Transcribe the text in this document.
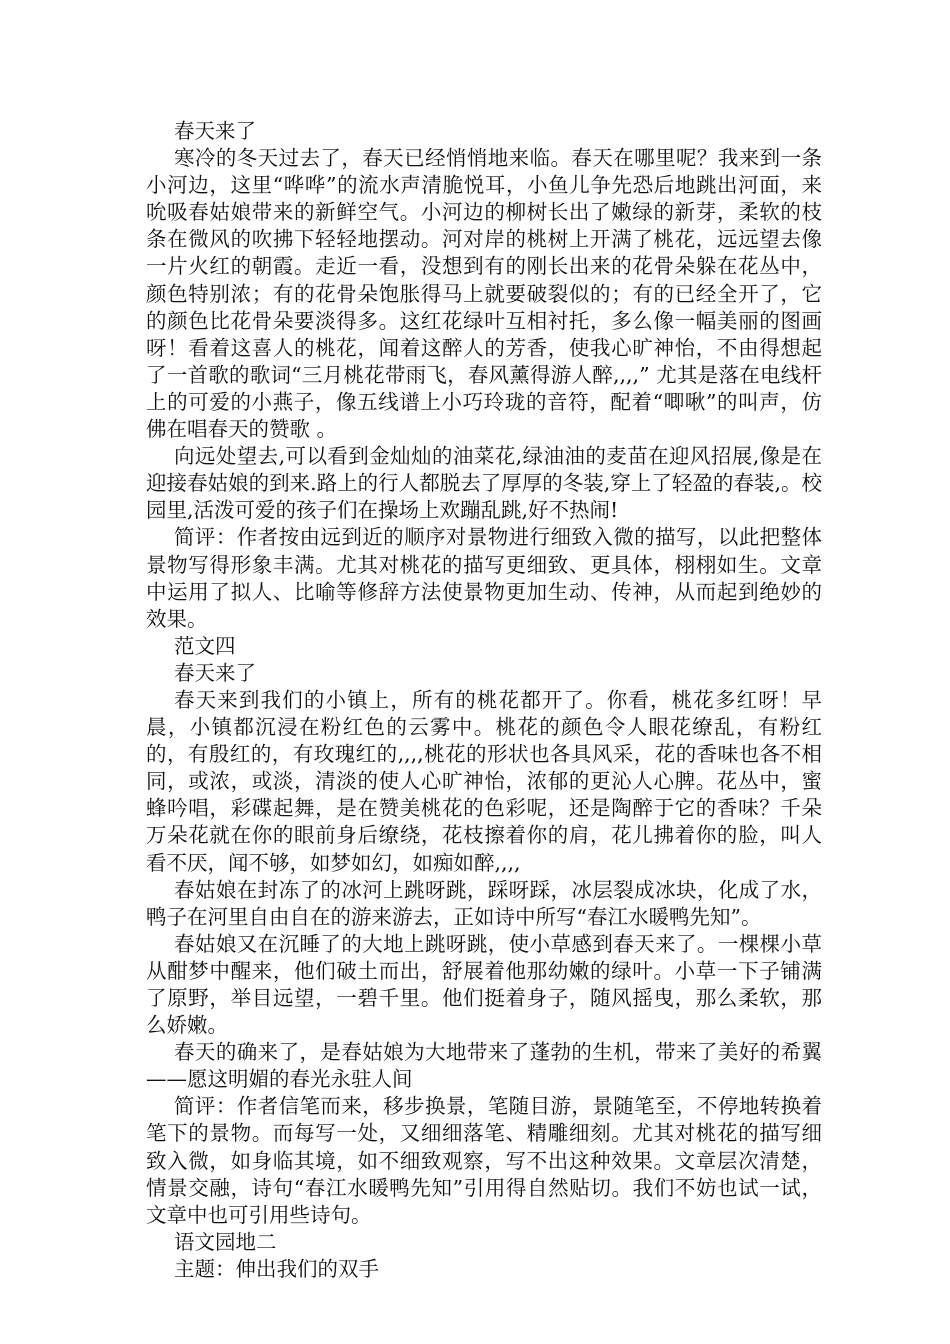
春天来了

寒冷的冬天过去了，春天已经悄悄地来临。春天在哪里呢？我来到一条小河边，这里“哗哗”的流水声清脆悦耳，小鱼儿争先恐后地跳出河面，来吮吸春姑娘带来的新鲜空气。小河边的柳树长出了嫩绿的新芽，柔软的枝条在微风的吹拂下轻轻地摆动。河对岸的桃树上开满了桃花，远远望去像一片火红的朝霞。走近一看，没想到有的刚长出来的花骨朵躲在花丛中，颜色特别浓；有的花骨朵饱胀得马上就要破裂似的；有的已经全开了，它的颜色比花骨朵要淡得多。这红花绿叶互相衬托，多么像一幅美丽的图画呀！看着这喜人的桃花，闻着这醉人的芳香，使我心旷神怡，不由得想起了一首歌的歌词“三月桃花带雨飞，春风薰得游人醉,,,,” 尤其是落在电线杆上的可爱的小燕子，像五线谱上小巧玲珑的音符，配着“唧啾”的叫声，仿佛在唱春天的赞歌 。

向远处望去,可以看到金灿灿的油菜花,绿油油的麦苗在迎风招展,像是在迎接春姑娘的到来.路上的行人都脱去了厚厚的冬装,穿上了轻盈的春装,。校园里,活泼可爱的孩子们在操场上欢蹦乱跳,好不热闹!

简评：作者按由远到近的顺序对景物进行细致入微的描写，以此把整体景物写得形象丰满。尤其对桃花的描写更细致、更具体，栩栩如生。文章中运用了拟人、比喻等修辞方法使景物更加生动、传神，从而起到绝妙的效果。

范文四

春天来了

春天来到我们的小镇上，所有的桃花都开了。你看，桃花多红呀！早晨，小镇都沉浸在粉红色的云雾中。桃花的颜色令人眼花缭乱，有粉红的，有殷红的，有玫瑰红的,,,,桃花的形状也各具风采，花的香味也各不相同，或浓，或淡，清淡的使人心旷神怡，浓郁的更沁人心脾。花丛中，蜜蜂吟唱，彩碟起舞，是在赞美桃花的色彩呢，还是陶醉于它的香味？千朵万朵花就在你的眼前身后缭绕，花枝擦着你的肩，花儿拂着你的脸，叫人看不厌，闻不够，如梦如幻，如痴如醉,,,,

春姑娘在封冻了的冰河上跳呀跳，踩呀踩，冰层裂成冰块，化成了水，鸭子在河里自由自在的游来游去，正如诗中所写“春江水暖鸭先知”。

春姑娘又在沉睡了的大地上跳呀跳，使小草感到春天来了。一棵棵小草从酣梦中醒来，他们破土而出，舒展着他那幼嫩的绿叶。小草一下子铺满了原野，举目远望，一碧千里。他们挺着身子，随风摇曳，那么柔软，那么娇嫩。

春天的确来了，是春姑娘为大地带来了蓬勃的生机，带来了美好的希翼——愿这明媚的春光永驻人间

简评：作者信笔而来，移步换景，笔随目游，景随笔至，不停地转换着笔下的景物。而每写一处，又细细落笔、精雕细刻。尤其对桃花的描写细致入微，如身临其境，如不细致观察，写不出这种效果。文章层次清楚，情景交融，诗句“春江水暖鸭先知”引用得自然贴切。我们不妨也试一试，文章中也可引用些诗句。

语文园地二

主题：伸出我们的双手
